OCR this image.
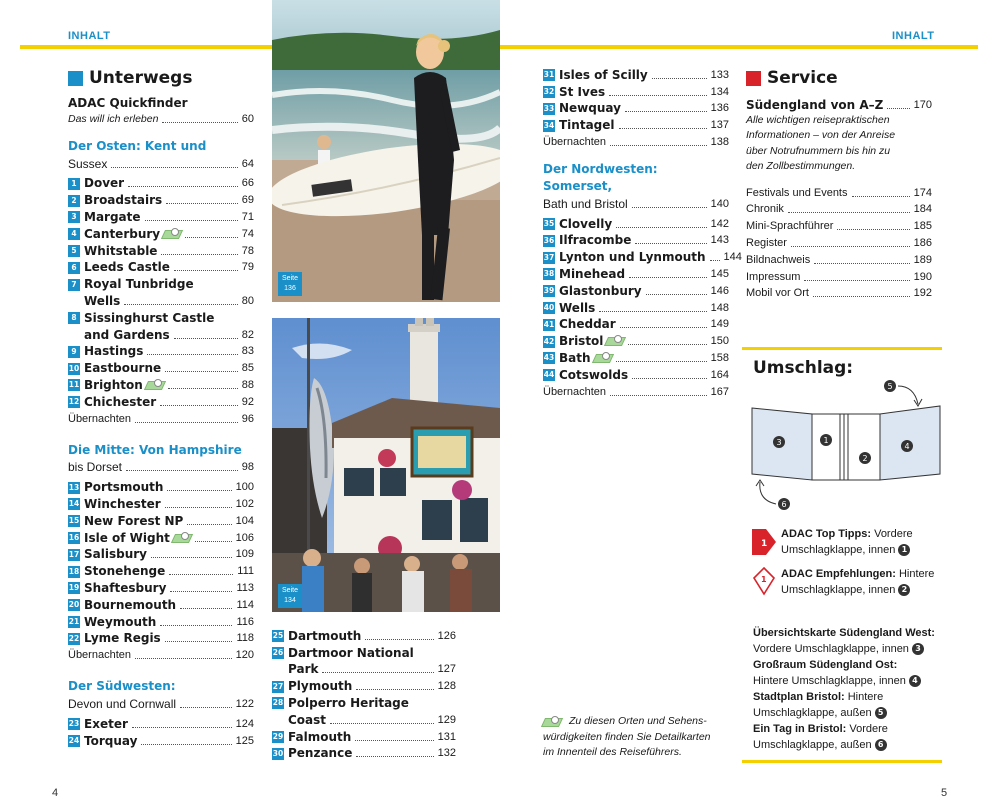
INHALT	INHALT
Unterwegs
ADAC Quickfinder
Das will ich erleben	60
Der Osten: Kent und
Sussex	64
1 Dover	66
2 Broadstairs	69
3 Margate	71
4 Canterbury	74
5 Whitstable	78
6 Leeds Castle	79
7 Royal Tunbridge
Wells	80
8 Sissinghurst Castle
and Gardens	82
9 Hastings	83
10 Eastbourne	85
11 Brighton	88
12 Chichester	92
Übernachten	96
Die Mitte: Von Hampshire
bis Dorset	98
13 Portsmouth	100
14 Winchester	102
15 New Forest NP	104
16 Isle of Wight	106
17 Salisbury	109
18 Stonehenge	111
19 Shaftesbury	113
20 Bournemouth	114
21 Weymouth	116
22 Lyme Regis	118
Übernachten	120
Der Südwesten:
Devon und Cornwall	122
23 Exeter	124
24 Torquay	125
Seite
136
Seite
134
25 Dartmouth	126
26 Dartmoor National
Park	127
27 Plymouth	128
28 Polperro Heritage
Coast	129
29 Falmouth	131
30 Penzance	132
31 Isles of Scilly	133
32 St Ives	134
33 Newquay	136
34 Tintagel	137
Übernachten	138
Der Nordwesten: Somerset,
Bath und Bristol	140
35 Clovelly	142
36 Ilfracombe	143
37 Lynton und Lynmouth 144
38 Minehead	145
39 Glastonbury	146
40 Wells	148
41 Cheddar	149
42 Bristol	150
43 Bath	158
44 Cotswolds	164
Übernachten	167
Zu diesen Orten und Sehens-
würdigkeiten finden Sie Detailkarten
im Innenteil des Reiseführers.
Service
Südengland von A–Z	170
Alle wichtigen reisepraktischen
Informationen – von der Anreise
über Notrufnummern bis hin zu
den Zollbestimmungen.
Festivals und Events	174
Chronik	184
Mini-Sprachführer	185
Register	186
Bildnachweis	189
Impressum	190
Mobil vor Ort	192
Umschlag:
3	1
2
4
5
6
1
ADAC Top Tipps: Vordere
Umschlagklappe, innen 1
1 ADAC Empfehlungen: Hintere
Umschlagklappe, innen 2
Übersichtskarte Südengland West:
Vordere Umschlagklappe, innen 3
Großraum Südengland Ost:
Hintere Umschlagklappe, innen 4
Stadtplan Bristol: Hintere
Umschlagklappe, außen 5
Ein Tag in Bristol: Vordere
Umschlagklappe, außen 6
4	5
